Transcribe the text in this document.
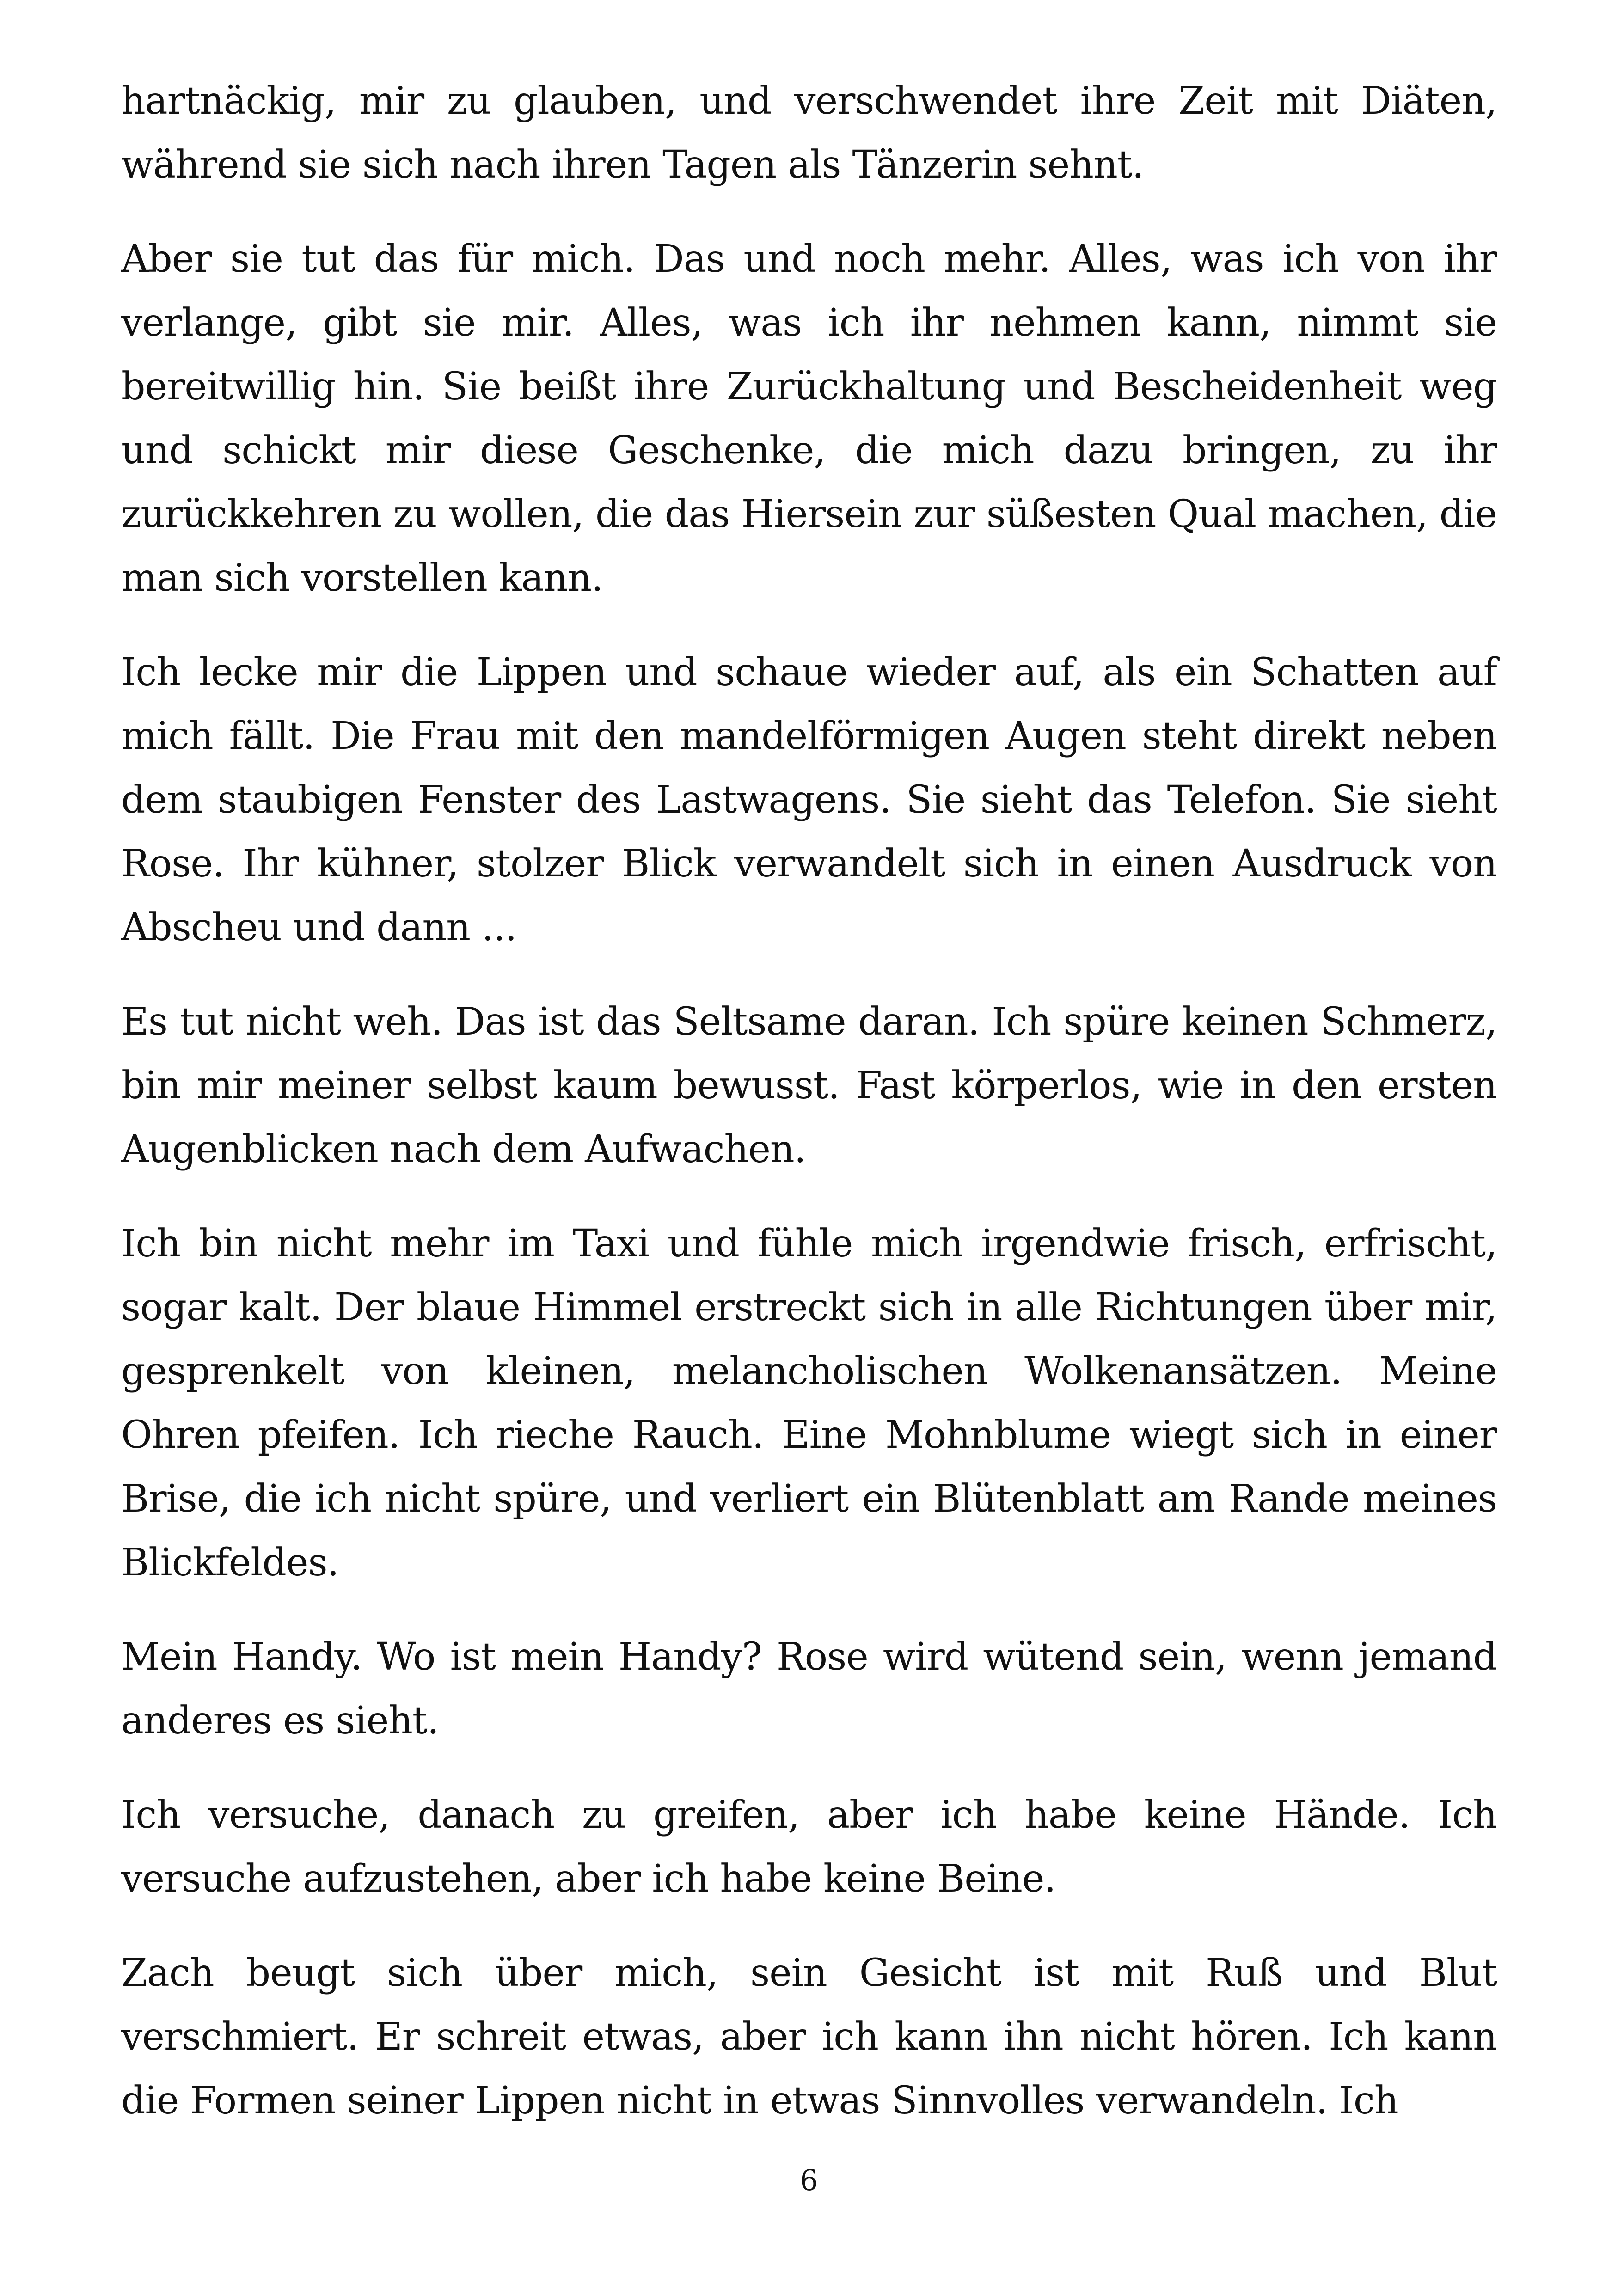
hartnäckig, mir zu glauben, und verschwendet ihre Zeit mit Diäten, während sie sich nach ihren Tagen als Tänzerin sehnt.

Aber sie tut das für mich. Das und noch mehr. Alles, was ich von ihr verlange, gibt sie mir. Alles, was ich ihr nehmen kann, nimmt sie bereitwillig hin. Sie beißt ihre Zurückhaltung und Bescheidenheit weg und schickt mir diese Geschenke, die mich dazu bringen, zu ihr zurückkehren zu wollen, die das Hiersein zur süßesten Qual machen, die man sich vorstellen kann.

Ich lecke mir die Lippen und schaue wieder auf, als ein Schatten auf mich fällt. Die Frau mit den mandelförmigen Augen steht direkt neben dem staubigen Fenster des Lastwagens. Sie sieht das Telefon. Sie sieht Rose. Ihr kühner, stolzer Blick verwandelt sich in einen Ausdruck von Abscheu und dann ...

Es tut nicht weh. Das ist das Seltsame daran. Ich spüre keinen Schmerz, bin mir meiner selbst kaum bewusst. Fast körperlos, wie in den ersten Augenblicken nach dem Aufwachen.

Ich bin nicht mehr im Taxi und fühle mich irgendwie frisch, erfrischt, sogar kalt. Der blaue Himmel erstreckt sich in alle Richtungen über mir, gesprenkelt von kleinen, melancholischen Wolkenansätzen. Meine Ohren pfeifen. Ich rieche Rauch. Eine Mohnblume wiegt sich in einer Brise, die ich nicht spüre, und verliert ein Blütenblatt am Rande meines Blickfeldes.

Mein Handy. Wo ist mein Handy? Rose wird wütend sein, wenn jemand anderes es sieht.

Ich versuche, danach zu greifen, aber ich habe keine Hände. Ich versuche aufzustehen, aber ich habe keine Beine.

Zach beugt sich über mich, sein Gesicht ist mit Ruß und Blut verschmiert. Er schreit etwas, aber ich kann ihn nicht hören. Ich kann die Formen seiner Lippen nicht in etwas Sinnvolles verwandeln. Ich

6
